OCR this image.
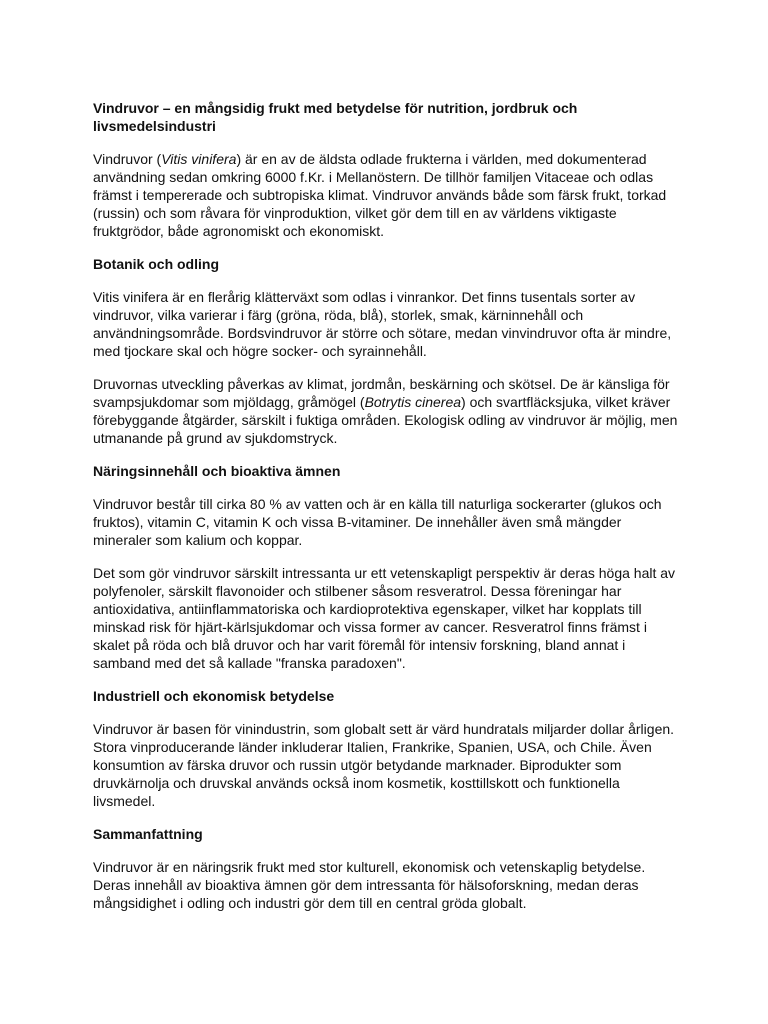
Vindruvor – en mångsidig frukt med betydelse för nutrition, jordbruk och livsmedelsindustri

Vindruvor (Vitis vinifera) är en av de äldsta odlade frukterna i världen, med dokumenterad användning sedan omkring 6000 f.Kr. i Mellanöstern. De tillhör familjen Vitaceae och odlas främst i tempererade och subtropiska klimat. Vindruvor används både som färsk frukt, torkad (russin) och som råvara för vinproduktion, vilket gör dem till en av världens viktigaste fruktgrödor, både agronomiskt och ekonomiskt.

Botanik och odling

Vitis vinifera är en flerårig klätterväxt som odlas i vinrankor. Det finns tusentals sorter av vindruvor, vilka varierar i färg (gröna, röda, blå), storlek, smak, kärninnehåll och användningsområde. Bordsvindruvor är större och sötare, medan vinvindruvor ofta är mindre, med tjockare skal och högre socker- och syrainnehåll.

Druvornas utveckling påverkas av klimat, jordmån, beskärning och skötsel. De är känsliga för svampsjukdomar som mjöldagg, gråmögel (Botrytis cinerea) och svartfläcksjuka, vilket kräver förebyggande åtgärder, särskilt i fuktiga områden. Ekologisk odling av vindruvor är möjlig, men utmanande på grund av sjukdomstryck.

Näringsinnehåll och bioaktiva ämnen

Vindruvor består till cirka 80 % av vatten och är en källa till naturliga sockerarter (glukos och fruktos), vitamin C, vitamin K och vissa B-vitaminer. De innehåller även små mängder mineraler som kalium och koppar.

Det som gör vindruvor särskilt intressanta ur ett vetenskapligt perspektiv är deras höga halt av polyfenoler, särskilt flavonoider och stilbener såsom resveratrol. Dessa föreningar har antioxidativa, antiinflammatoriska och kardioprotektiva egenskaper, vilket har kopplats till minskad risk för hjärt-kärlsjukdomar och vissa former av cancer. Resveratrol finns främst i skalet på röda och blå druvor och har varit föremål för intensiv forskning, bland annat i samband med det så kallade "franska paradoxen".

Industriell och ekonomisk betydelse

Vindruvor är basen för vinindustrin, som globalt sett är värd hundratals miljarder dollar årligen. Stora vinproducerande länder inkluderar Italien, Frankrike, Spanien, USA, och Chile. Även konsumtion av färska druvor och russin utgör betydande marknader. Biprodukter som druvkärnolja och druvskal används också inom kosmetik, kosttillskott och funktionella livsmedel.

Sammanfattning

Vindruvor är en näringsrik frukt med stor kulturell, ekonomisk och vetenskaplig betydelse. Deras innehåll av bioaktiva ämnen gör dem intressanta för hälsoforskning, medan deras mångsidighet i odling och industri gör dem till en central gröda globalt.
